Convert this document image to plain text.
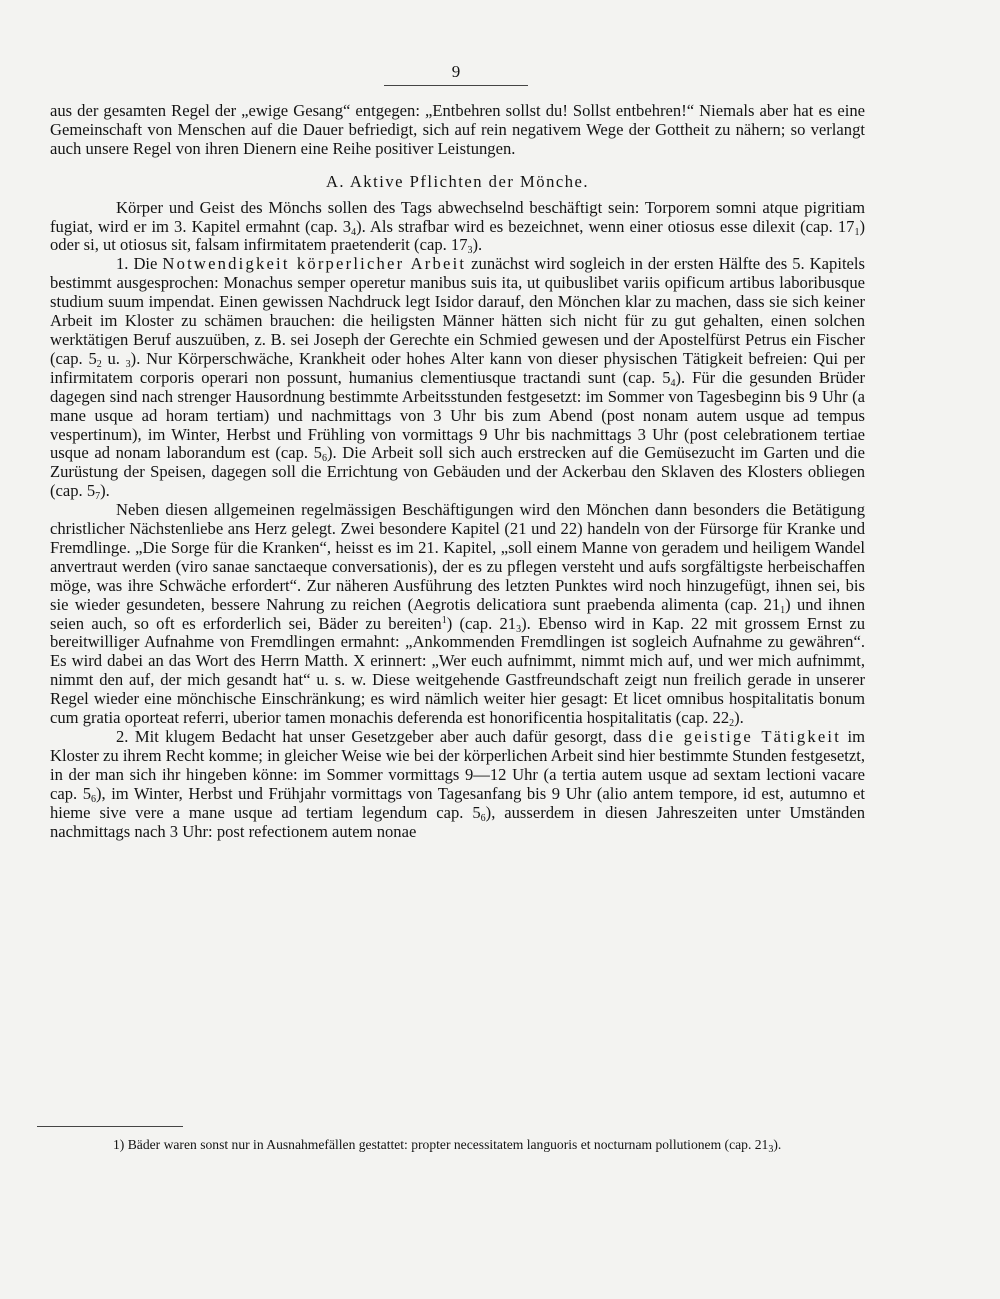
9

aus der gesamten Regel der „ewige Gesang“ entgegen: „Entbehren sollst du! Sollst entbehren!“ Niemals aber hat es eine Gemeinschaft von Menschen auf die Dauer befriedigt, sich auf rein negativem Wege der Gottheit zu nähern; so verlangt auch unsere Regel von ihren Dienern eine Reihe positiver Leistungen.

A. Aktive Pflichten der Mönche.

Körper und Geist des Mönchs sollen des Tags abwechselnd beschäftigt sein: Torporem somni atque pigritiam fugiat, wird er im 3. Kapitel ermahnt (cap. $3_4$). Als strafbar wird es bezeichnet, wenn einer otiosus esse dilexit (cap. $17_1$) oder si, ut otiosus sit, falsam infirmitatem praetenderit (cap. $17_3$).

1. Die Notwendigkeit körperlicher Arbeit zunächst wird sogleich in der ersten Hälfte des 5. Kapitels bestimmt ausgesprochen: Monachus semper operetur manibus suis ita, ut quibuslibet variis opificum artibus laboribusque studium suum impendat. Einen gewissen Nachdruck legt Isidor darauf, den Mönchen klar zu machen, dass sie sich keiner Arbeit im Kloster zu schämen brauchen: die heiligsten Männer hätten sich nicht für zu gut gehalten, einen solchen werktätigen Beruf auszuüben, z. B. sei Joseph der Gerechte ein Schmied gewesen und der Apostelfürst Petrus ein Fischer (cap. $5_2$ u. $_3$). Nur Körperschwäche, Krankheit oder hohes Alter kann von dieser physischen Tätigkeit befreien: Qui per infirmitatem corporis operari non possunt, humanius clementiusque tractandi sunt (cap. $5_4$). Für die gesunden Brüder dagegen sind nach strenger Hausordnung bestimmte Arbeitsstunden festgesetzt: im Sommer von Tagesbeginn bis 9 Uhr (a mane usque ad horam tertiam) und nachmittags von 3 Uhr bis zum Abend (post nonam autem usque ad tempus vespertinum), im Winter, Herbst und Frühling von vormittags 9 Uhr bis nachmittags 3 Uhr (post celebrationem tertiae usque ad nonam laborandum est (cap. $5_6$). Die Arbeit soll sich auch erstrecken auf die Gemüsezucht im Garten und die Zurüstung der Speisen, dagegen soll die Errichtung von Gebäuden und der Ackerbau den Sklaven des Klosters obliegen (cap. $5_7$).

Neben diesen allgemeinen regelmässigen Beschäftigungen wird den Mönchen dann besonders die Betätigung christlicher Nächstenliebe ans Herz gelegt. Zwei besondere Kapitel (21 und 22) handeln von der Fürsorge für Kranke und Fremdlinge. „Die Sorge für die Kranken“, heisst es im 21. Kapitel, „soll einem Manne von geradem und heiligem Wandel anvertraut werden (viro sanae sanctaeque conversationis), der es zu pflegen versteht und aufs sorgfältigste herbeischaffen möge, was ihre Schwäche erfordert“. Zur näheren Ausführung des letzten Punktes wird noch hinzugefügt, ihnen sei, bis sie wieder gesundeten, bessere Nahrung zu reichen (Aegrotis delicatiora sunt praebenda alimenta (cap. $21_1$) und ihnen seien auch, so oft es erforderlich sei, Bäder zu bereiten$^1$) (cap. $21_3$). Ebenso wird in Kap. 22 mit grossem Ernst zu bereitwilliger Aufnahme von Fremdlingen ermahnt: „Ankommenden Fremdlingen ist sogleich Aufnahme zu gewähren“. Es wird dabei an das Wort des Herrn Matth. X erinnert: „Wer euch aufnimmt, nimmt mich auf, und wer mich aufnimmt, nimmt den auf, der mich gesandt hat“ u. s. w. Diese weitgehende Gastfreundschaft zeigt nun freilich gerade in unserer Regel wieder eine mönchische Einschränkung; es wird nämlich weiter hier gesagt: Et licet omnibus hospitalitatis bonum cum gratia oporteat referri, uberior tamen monachis deferenda est honorificentia hospitalitatis (cap. $22_2$).

2. Mit klugem Bedacht hat unser Gesetzgeber aber auch dafür gesorgt, dass die geistige Tätigkeit im Kloster zu ihrem Recht komme; in gleicher Weise wie bei der körperlichen Arbeit sind hier bestimmte Stunden festgesetzt, in der man sich ihr hingeben könne: im Sommer vormittags 9—12 Uhr (a tertia autem usque ad sextam lectioni vacare cap. $5_6$), im Winter, Herbst und Frühjahr vormittags von Tagesanfang bis 9 Uhr (alio antem tempore, id est, autumno et hieme sive vere a mane usque ad tertiam legendum cap. $5_6$), ausserdem in diesen Jahreszeiten unter Umständen nachmittags nach 3 Uhr: post refectionem autem nonae

1) Bäder waren sonst nur in Ausnahmefällen gestattet: propter necessitatem languoris et nocturnam pollutionem (cap. $21_3$).
